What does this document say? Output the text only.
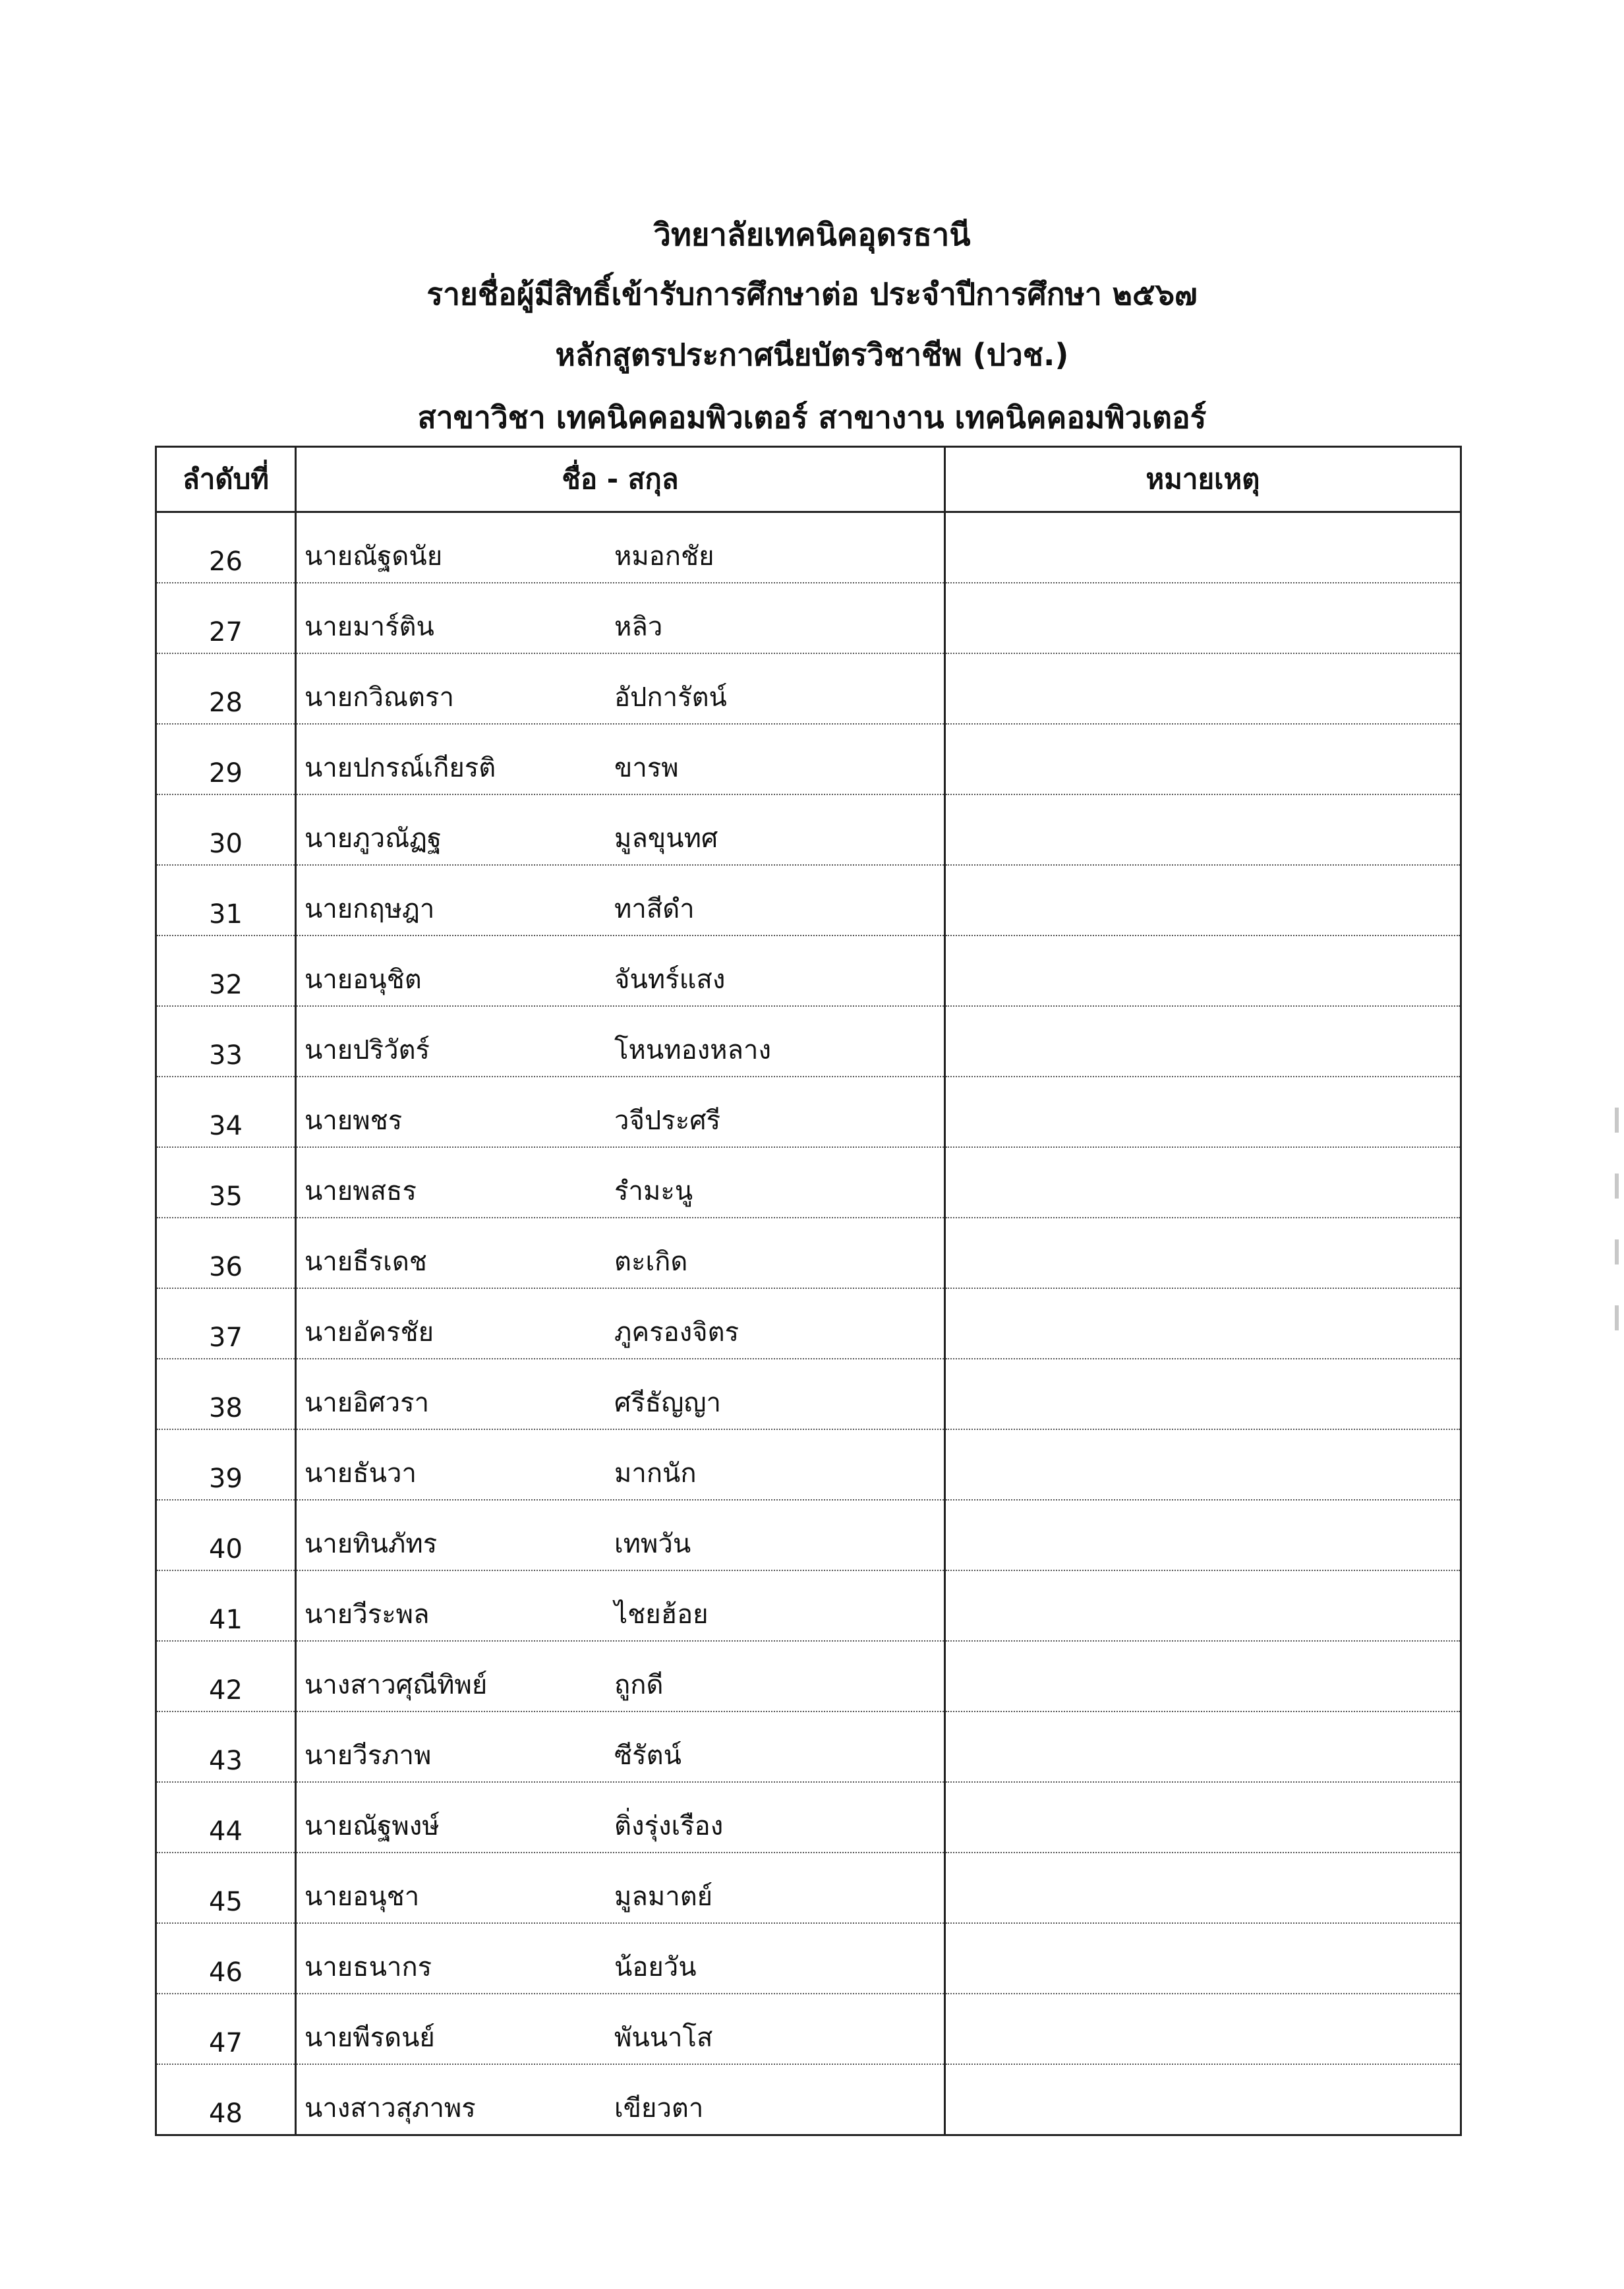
วิทยาลัยเทคนิคอุดรธานี
รายชื่อผู้มีสิทธิ์เข้ารับการศึกษาต่อ ประจำปีการศึกษา ๒๕๖๗
หลักสูตรประกาศนียบัตรวิชาชีพ (ปวช.)
สาขาวิชา เทคนิคคอมพิวเตอร์ สาขางาน เทคนิคคอมพิวเตอร์
ลำดับที่	ชื่อ - สกุล	หมายเหตุ
26	นายณัฐดนัย หมอกชัย	
27	นายมาร์ติน หลิว	
28	นายกวิณตรา อัปการัตน์	
29	นายปกรณ์เกียรติ ขารพ	
30	นายภูวณัฏฐ มูลขุนทศ	
31	นายกฤษฎา ทาสีดำ	
32	นายอนุชิต จันทร์แสง	
33	นายปริวัตร์ โหนทองหลาง	
34	นายพชร วจีประศรี	
35	นายพสธร รำมะนู	
36	นายธีรเดช ตะเกิด	
37	นายอัครชัย ภูครองจิตร	
38	นายอิศวรา ศรีธัญญา	
39	นายธันวา มากนัก	
40	นายทินภัทร เทพวัน	
41	นายวีระพล ไชยฮ้อย	
42	นางสาวศุณีทิพย์ ถูกดี	
43	นายวีรภาพ ซีรัตน์	
44	นายณัฐพงษ์ ติ่งรุ่งเรือง	
45	นายอนุชา มูลมาตย์	
46	นายธนากร น้อยวัน	
47	นายพีรดนย์ พันนาโส	
48	นางสาวสุภาพร เขียวตา	
